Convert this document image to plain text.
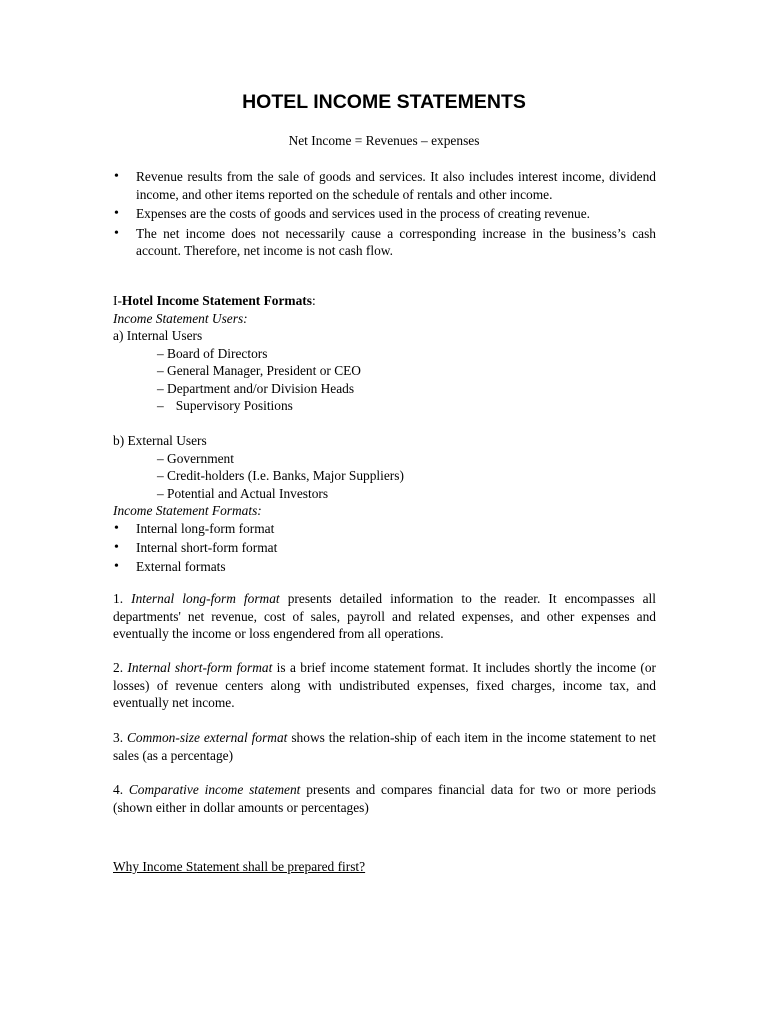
HOTEL INCOME STATEMENTS
Net Income = Revenues – expenses
• Revenue results from the sale of goods and services. It also includes interest income, dividend income, and other items reported on the schedule of rentals and other income.
• Expenses are the costs of goods and services used in the process of creating revenue.
• The net income does not necessarily cause a corresponding increase in the business’s cash account. Therefore, net income is not cash flow.
I-Hotel Income Statement Formats:
Income Statement Users:
a) Internal Users
– Board of Directors
– General Manager, President or CEO
– Department and/or Division Heads
– Supervisory Positions
b) External Users
– Government
– Credit-holders (I.e. Banks, Major Suppliers)
– Potential and Actual Investors
Income Statement Formats:
• Internal long-form format
• Internal short-form format
• External formats
1. Internal long-form format presents detailed information to the reader. It encompasses all departments' net revenue, cost of sales, payroll and related expenses, and other expenses and eventually the income or loss engendered from all operations.
2. Internal short-form format is a brief income statement format. It includes shortly the income (or losses) of revenue centers along with undistributed expenses, fixed charges, income tax, and eventually net income.
3. Common-size external format shows the relation-ship of each item in the income statement to net sales (as a percentage)
4. Comparative income statement presents and compares financial data for two or more periods (shown either in dollar amounts or percentages)
Why Income Statement shall be prepared first?
